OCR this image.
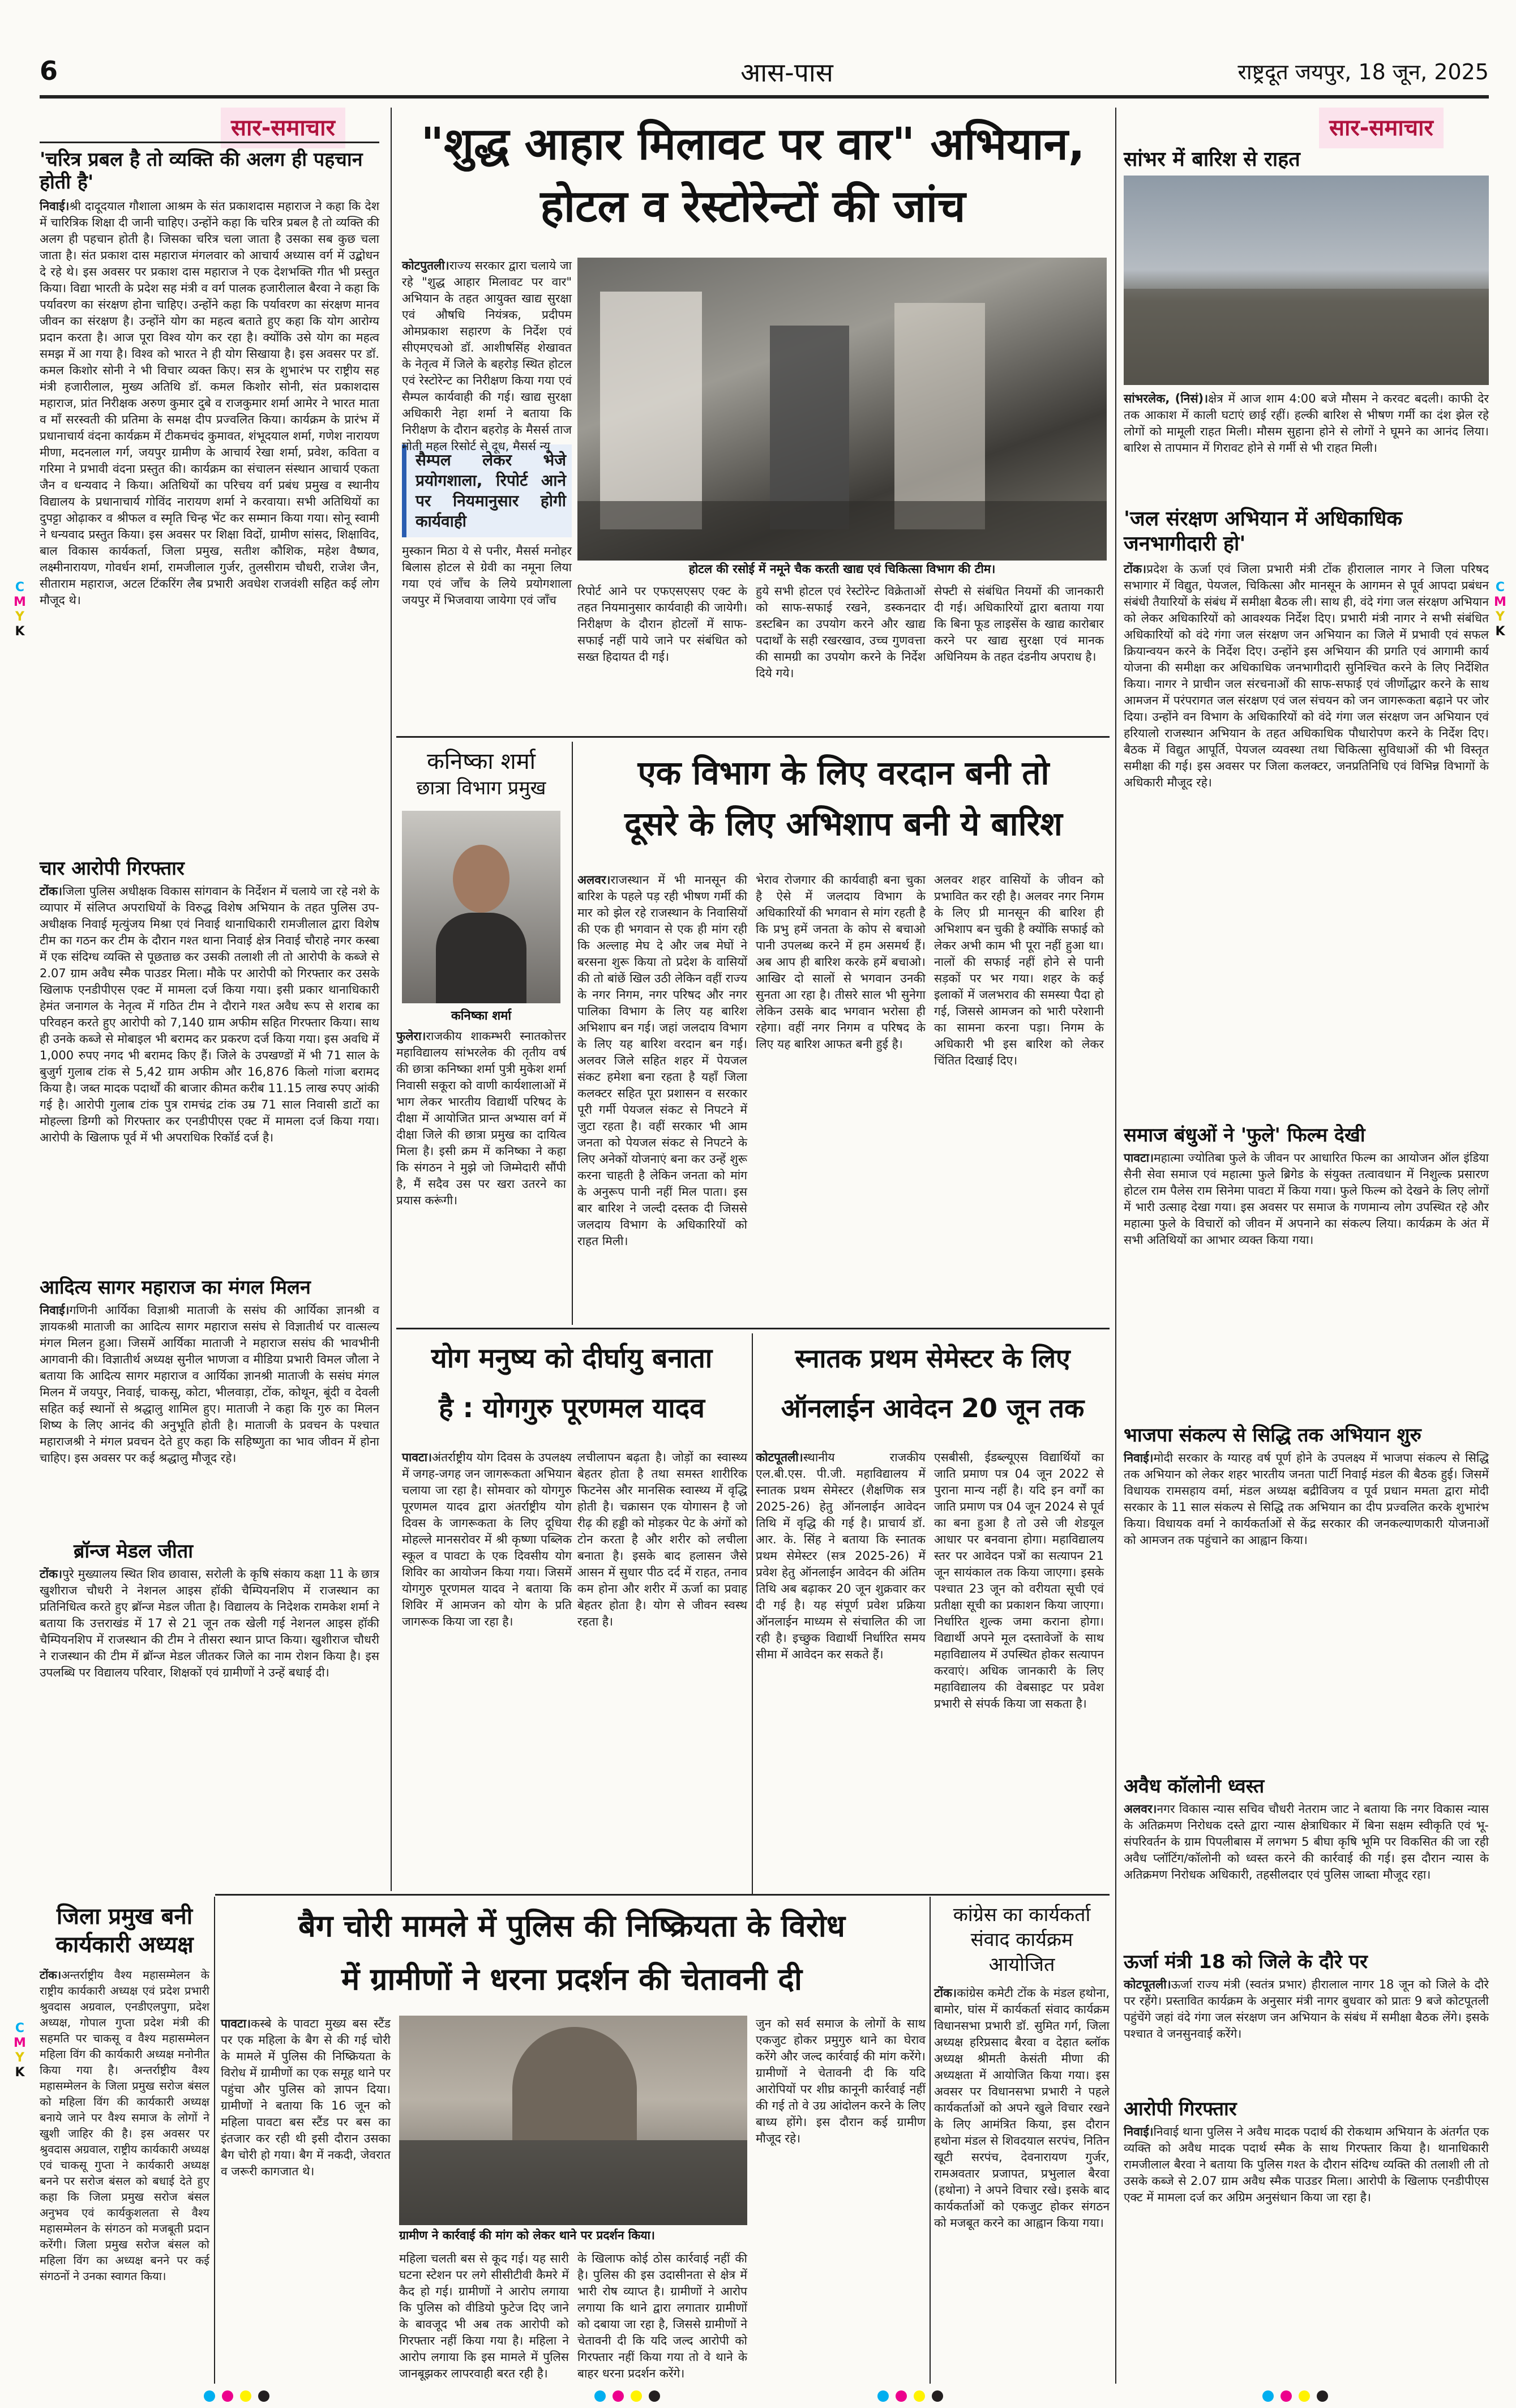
6	आस-पास	राष्ट्रदूत जयपुर, 18 जून, 2025
C
M
Y
K
C
M
Y
K
C
M
Y
K
सार-समाचार
'चरित्र प्रबल है तो व्यक्ति की अलग ही पहचान होती है'
निवाई।श्री दादूदयाल गौशाला आश्रम के संत प्रकाशदास महाराज ने कहा कि देश में चारित्रिक शिक्षा दी जानी चाहिए। उन्होंने कहा कि चरित्र प्रबल है तो व्यक्ति की अलग ही पहचान होती है। जिसका चरित्र चला जाता है उसका सब कुछ चला जाता है। संत प्रकाश दास महाराज मंगलवार को आचार्य अध्यास वर्ग में उद्बोधन दे रहे थे। इस अवसर पर प्रकाश दास महाराज ने एक देशभक्ति गीत भी प्रस्तुत किया। विद्या भारती के प्रदेश सह मंत्री व वर्ग पालक हजारीलाल बैरवा ने कहा कि पर्यावरण का संरक्षण होना चाहिए। उन्होंने कहा कि पर्यावरण का संरक्षण मानव जीवन का संरक्षण है। उन्होंने योग का महत्व बताते हुए कहा कि योग आरोग्य प्रदान करता है। आज पूरा विश्व योग कर रहा है। क्योंकि उसे योग का महत्व समझ में आ गया है। विश्व को भारत ने ही योग सिखाया है। इस अवसर पर डॉ. कमल किशोर सोनी ने भी विचार व्यक्त किए। सत्र के शुभारंभ पर राष्ट्रीय सह मंत्री हजारीलाल, मुख्य अतिथि डॉ. कमल किशोर सोनी, संत प्रकाशदास महाराज, प्रांत निरीक्षक अरुण कुमार दुबे व राजकुमार शर्मा आमेर ने भारत माता व माँ सरस्वती की प्रतिमा के समक्ष दीप प्रज्वलित किया। कार्यक्रम के प्रारंभ में प्रधानाचार्य वंदना कार्यक्रम में टीकमचंद कुमावत, शंभूदयाल शर्मा, गणेश नारायण मीणा, मदनलाल गर्ग, जयपुर ग्रामीण के आचार्य रेखा शर्मा, प्रवेश, कविता व गरिमा ने प्रभावी वंदना प्रस्तुत की। कार्यक्रम का संचालन संस्थान आचार्य एकता जैन व धन्यवाद ने किया। अतिथियों का परिचय वर्ग प्रबंध प्रमुख व स्थानीय विद्यालय के प्रधानाचार्य गोविंद नारायण शर्मा ने करवाया। सभी अतिथियों का दुपट्टा ओढ़ाकर व श्रीफल व स्मृति चिन्ह भेंट कर सम्मान किया गया। सोनू स्वामी ने धन्यवाद प्रस्तुत किया। इस अवसर पर शिक्षा विदों, ग्रामीण सांसद, शिक्षाविद, बाल विकास कार्यकर्ता, जिला प्रमुख, सतीश कौशिक, महेश वैष्णव, लक्ष्मीनारायण, गोवर्धन शर्मा, रामजीलाल गुर्जर, तुलसीराम चौधरी, राजेश जैन, सीताराम महाराज, अटल टिंकरिंग लैब प्रभारी अवधेश राजवंशी सहित कई लोग मौजूद थे।
चार आरोपी गिरफ्तार
टोंक।जिला पुलिस अधीक्षक विकास सांगवान के निर्देशन में चलाये जा रहे नशे के व्यापार में संलिप्त अपराधियों के विरुद्ध विशेष अभियान के तहत पुलिस उप-अधीक्षक निवाई मृत्युंजय मिश्रा एवं निवाई थानाधिकारी रामजीलाल द्वारा विशेष टीम का गठन कर टीम के दौरान गश्त थाना निवाई क्षेत्र निवाई चौराहे नगर कस्बा में एक संदिग्ध व्यक्ति से पूछताछ कर उसकी तलाशी ली तो आरोपी के कब्जे से 2.07 ग्राम अवैध स्मैक पाउडर मिला। मौके पर आरोपी को गिरफ्तार कर उसके खिलाफ एनडीपीएस एक्ट में मामला दर्ज किया गया। इसी प्रकार थानाधिकारी हेमंत जनागल के नेतृत्व में गठित टीम ने दौराने गश्त अवैध रूप से शराब का परिवहन करते हुए आरोपी को 7,140 ग्राम अफीम सहित गिरफ्तार किया। साथ ही उनके कब्जे से मोबाइल भी बरामद कर प्रकरण दर्ज किया गया। इस अवधि में 1,000 रुपए नगद भी बरामद किए हैं। जिले के उपखण्डों में भी 71 साल के बुजुर्ग गुलाब टांक से 5,42 ग्राम अफीम और 16,876 किलो गांजा बरामद किया है। जब्त मादक पदार्थों की बाजार कीमत करीब 11.15 लाख रुपए आंकी गई है। आरोपी गुलाब टांक पुत्र रामचंद्र टांक उम्र 71 साल निवासी डाटों का मोहल्ला डिग्गी को गिरफ्तार कर एनडीपीएस एक्ट में मामला दर्ज किया गया। आरोपी के खिलाफ पूर्व में भी अपराधिक रिकॉर्ड दर्ज है।
आदित्य सागर महाराज का मंगल मिलन
निवाई।गणिनी आर्यिका विज्ञाश्री माताजी के ससंघ की आर्यिका ज्ञानश्री व ज्ञायकश्री माताजी का आदित्य सागर महाराज ससंघ से विज्ञातीर्थ पर वात्सल्य मंगल मिलन हुआ। जिसमें आर्यिका माताजी ने महाराज ससंघ की भावभीनी आगवानी की। विज्ञातीर्थ अध्यक्ष सुनील भाणजा व मीडिया प्रभारी विमल जौला ने बताया कि आदित्य सागर महाराज व आर्यिका ज्ञानश्री माताजी के ससंघ मंगल मिलन में जयपुर, निवाई, चाकसू, कोटा, भीलवाड़ा, टोंक, कोथून, बूंदी व देवली सहित कई स्थानों से श्रद्धालु शामिल हुए। माताजी ने कहा कि गुरु का मिलन शिष्य के लिए आनंद की अनुभूति होती है। माताजी के प्रवचन के पश्चात महाराजश्री ने मंगल प्रवचन देते हुए कहा कि सहिष्णुता का भाव जीवन में होना चाहिए। इस अवसर पर कई श्रद्धालु मौजूद रहे।
ब्रॉन्ज मेडल जीता
टोंक।पुरे मुख्यालय स्थित शिव छावास, सरोली के कृषि संकाय कक्षा 11 के छात्र खुशीराज चौधरी ने नेशनल आइस हॉकी चैम्पियनशिप में राजस्थान का प्रतिनिधित्व करते हुए ब्रॉन्ज मेडल जीता है। विद्यालय के निदेशक रामकेश शर्मा ने बताया कि उत्तराखंड में 17 से 21 जून तक खेली गई नेशनल आइस हॉकी चैम्पियनशिप में राजस्थान की टीम ने तीसरा स्थान प्राप्त किया। खुशीराज चौधरी ने राजस्थान की टीम में ब्रॉन्ज मेडल जीतकर जिले का नाम रोशन किया है। इस उपलब्धि पर विद्यालय परिवार, शिक्षकों एवं ग्रामीणों ने उन्हें बधाई दी।
जिला प्रमुख बनी कार्यकारी अध्यक्ष
टोंक।अन्तर्राष्ट्रीय वैश्य महासम्मेलन के राष्ट्रीय कार्यकारी अध्यक्ष एवं प्रदेश प्रभारी श्रुवदास अग्रवाल, एनडीएलपुगा, प्रदेश अध्यक्ष, गोपाल गुप्ता प्रदेश मंत्री की सहमति पर चाकसू व वैश्य महासम्मेलन महिला विंग की कार्यकारी अध्यक्ष मनोनीत किया गया है। अन्तर्राष्ट्रीय वैश्य महासम्मेलन के जिला प्रमुख सरोज बंसल को महिला विंग की कार्यकारी अध्यक्ष बनाये जाने पर वैश्य समाज के लोगों ने खुशी जाहिर की है। इस अवसर पर श्रुवदास अग्रवाल, राष्ट्रीय कार्यकारी अध्यक्ष एवं चाकसू गुप्ता ने कार्यकारी अध्यक्ष बनने पर सरोज बंसल को बधाई देते हुए कहा कि जिला प्रमुख सरोज बंसल अनुभव एवं कार्यकुशलता से वैश्य महासम्मेलन के संगठन को मजबूती प्रदान करेंगी। जिला प्रमुख सरोज बंसल को महिला विंग का अध्यक्ष बनने पर कई संगठनों ने उनका स्वागत किया।
"शुद्ध आहार मिलावट पर वार" अभियान,
होटल व रेस्टोरेन्टों की जांच
कोटपुतली।राज्य सरकार द्वारा चलाये जा रहे "शुद्ध आहार मिलावट पर वार" अभियान के तहत आयुक्त खाद्य सुरक्षा एवं औषधि नियंत्रक, प्रदीपम ओमप्रकाश सहारण के निर्देश एवं सीएमएचओ डॉ. आशीषसिंह शेखावत के नेतृत्व में जिले के बहरोड़ स्थित होटल एवं रेस्टोरेन्ट का निरीक्षण किया गया एवं सैम्पल कार्यवाही की गई। खाद्य सुरक्षा अधिकारी नेहा शर्मा ने बताया कि निरीक्षण के दौरान बहरोड़ के मैसर्स ताज मोती महल रिसोर्ट से दूध, मैसर्स न्यू
सैम्पल लेकर भेजे प्रयोगशाला, रिपोर्ट आने पर नियमानुसार होगी कार्यवाही
मुस्कान मिठा ये से पनीर, मैसर्स मनोहर बिलास होटल से ग्रेवी का नमूना लिया गया एवं जाँच के लिये प्रयोगशाला जयपुर में भिजवाया जायेगा एवं जाँच
होटल की रसोई में नमूने चैक करती खाद्य एवं चिकित्सा विभाग की टीम।
रिपोर्ट आने पर एफएसएसए एक्ट के तहत नियमानुसार कार्यवाही की जायेगी। निरीक्षण के दौरान होटलों में साफ-सफाई नहीं पाये जाने पर संबंधित को सख्त हिदायत दी गई।
हुये सभी होटल एवं रेस्टोरेन्ट विक्रेताओं को साफ-सफाई रखने, डस्कनदार डस्टबिन का उपयोग करने और खाद्य पदार्थों के सही रखरखाव, उच्च गुणवत्ता की सामग्री का उपयोग करने के निर्देश दिये गये।
सेफ्टी से संबंधित नियमों की जानकारी दी गई। अधिकारियों द्वारा बताया गया कि बिना फूड लाइसेंस के खाद्य कारोबार करने पर खाद्य सुरक्षा एवं मानक अधिनियम के तहत दंडनीय अपराध है।
कनिष्का शर्मा
छात्रा विभाग प्रमुख
कनिष्का शर्मा
फुलेरा।राजकीय शाकम्भरी स्नातकोत्तर महाविद्यालय सांभरलेक की तृतीय वर्ष की छात्रा कनिष्का शर्मा पुत्री मुकेश शर्मा निवासी सकूरा को वाणी कार्यशालाओं में भाग लेकर भारतीय विद्यार्थी परिषद के दीक्षा में आयोजित प्रान्त अभ्यास वर्ग में दीक्षा जिले की छात्रा प्रमुख का दायित्व मिला है। इसी क्रम में कनिष्का ने कहा कि संगठन ने मुझे जो जिम्मेदारी सौंपी है, मैं सदैव उस पर खरा उतरने का प्रयास करूंगी।
एक विभाग के लिए वरदान बनी तो
दूसरे के लिए अभिशाप बनी ये बारिश
अलवर।राजस्थान में भी मानसून की बारिश के पहले पड़ रही भीषण गर्मी की मार को झेल रहे राजस्थान के निवासियों की एक ही भगवान से एक ही मांग रही कि अल्लाह मेघ दे और जब मेघों ने बरसना शुरू किया तो प्रदेश के वासियों की तो बांछें खिल उठी लेकिन वहीं राज्य के नगर निगम, नगर परिषद और नगर पालिका विभाग के लिए यह बारिश अभिशाप बन गई। जहां जलदाय विभाग के लिए यह बारिश वरदान बन गई। अलवर जिले सहित शहर में पेयजल संकट हमेशा बना रहता है यहाँ जिला कलक्टर सहित पूरा प्रशासन व सरकार पूरी गर्मी पेयजल संकट से निपटने में जुटा रहता है। वहीं सरकार भी आम जनता को पेयजल संकट से निपटने के लिए अनेकों योजनाएं बना कर उन्हें शुरू करना चाहती है लेकिन जनता को मांग के अनुरूप पानी नहीं मिल पाता। इस बार बारिश ने जल्दी दस्तक दी जिससे जलदाय विभाग के अधिकारियों को राहत मिली।
भेराव रोजगार की कार्यवाही बना चुका है ऐसे में जलदाय विभाग के अधिकारियों की भगवान से मांग रहती है कि प्रभु हमें जनता के कोप से बचाओ पानी उपलब्ध करने में हम असमर्थ हैं। अब आप ही बारिश करके हमें बचाओ। आखिर दो सालों से भगवान उनकी सुनता आ रहा है। तीसरे साल भी सुनेगा लेकिन उसके बाद भगवान भरोसा ही रहेगा। वहीं नगर निगम व परिषद के लिए यह बारिश आफत बनी हुई है।
अलवर शहर वासियों के जीवन को प्रभावित कर रही है। अलवर नगर निगम के लिए प्री मानसून की बारिश ही अभिशाप बन चुकी है क्योंकि सफाई को लेकर अभी काम भी पूरा नहीं हुआ था। नालों की सफाई नहीं होने से पानी सड़कों पर भर गया। शहर के कई इलाकों में जलभराव की समस्या पैदा हो गई, जिससे आमजन को भारी परेशानी का सामना करना पड़ा। निगम के अधिकारी भी इस बारिश को लेकर चिंतित दिखाई दिए।
योग मनुष्य को दीर्घायु बनाता
है : योगगुरु पूरणमल यादव
पावटा।अंतर्राष्ट्रीय योग दिवस के उपलक्ष्य में जगह-जगह जन जागरूकता अभियान चलाया जा रहा है। सोमवार को योगगुरु पूरणमल यादव द्वारा अंतर्राष्ट्रीय योग दिवस के जागरूकता के लिए दूधिया मोहल्ले मानसरोवर में श्री कृष्णा पब्लिक स्कूल व पावटा के एक दिवसीय योग शिविर का आयोजन किया गया। जिसमें योगगुरु पूरणमल यादव ने बताया कि शिविर में आमजन को योग के प्रति जागरूक किया जा रहा है।
लचीलापन बढ़ता है। जोड़ों का स्वास्थ्य बेहतर होता है तथा समस्त शारीरिक फिटनेस और मानसिक स्वास्थ्य में वृद्धि होती है। चक्रासन एक योगासन है जो रीढ़ की हड्डी को मोड़कर पेट के अंगों को टोन करता है और शरीर को लचीला बनाता है। इसके बाद हलासन जैसे आसन में सुधार पीठ दर्द में राहत, तनाव कम होना और शरीर में ऊर्जा का प्रवाह बेहतर होता है। योग से जीवन स्वस्थ रहता है।
स्नातक प्रथम सेमेस्टर के लिए
ऑनलाईन आवेदन 20 जून तक
कोटपूतली।स्थानीय राजकीय एल.बी.एस. पी.जी. महाविद्यालय में स्नातक प्रथम सेमेस्टर (शैक्षणिक सत्र 2025-26) हेतु ऑनलाईन आवेदन तिथि में वृद्धि की गई है। प्राचार्य डॉ. आर. के. सिंह ने बताया कि स्नातक प्रथम सेमेस्टर (सत्र 2025-26) में प्रवेश हेतु ऑनलाईन आवेदन की अंतिम तिथि अब बढ़ाकर 20 जून शुक्रवार कर दी गई है। यह संपूर्ण प्रवेश प्रक्रिया ऑनलाईन माध्यम से संचालित की जा रही है। इच्छुक विद्यार्थी निर्धारित समय सीमा में आवेदन कर सकते हैं।
एसबीसी, ईडब्ल्यूएस विद्यार्थियों का जाति प्रमाण पत्र 04 जून 2022 से पुराना मान्य नहीं है। यदि इन वर्गों का जाति प्रमाण पत्र 04 जून 2024 से पूर्व का बना हुआ है तो उसे जी शेडयूल आधार पर बनवाना होगा। महाविद्यालय स्तर पर आवेदन पत्रों का सत्यापन 21 जून सायंकाल तक किया जाएगा। इसके पश्चात 23 जून को वरीयता सूची एवं प्रतीक्षा सूची का प्रकाशन किया जाएगा। निर्धारित शुल्क जमा कराना होगा। विद्यार्थी अपने मूल दस्तावेजों के साथ महाविद्यालय में उपस्थित होकर सत्यापन करवाएं। अधिक जानकारी के लिए महाविद्यालय की वेबसाइट पर प्रवेश प्रभारी से संपर्क किया जा सकता है।
बैग चोरी मामले में पुलिस की निष्क्रियता के विरोध
में ग्रामीणों ने धरना प्रदर्शन की चेतावनी दी
पावटा।कस्बे के पावटा मुख्य बस स्टैंड पर एक महिला के बैग से की गई चोरी के मामले में पुलिस की निष्क्रियता के विरोध में ग्रामीणों का एक समूह थाने पर पहुंचा और पुलिस को ज्ञापन दिया। ग्रामीणों ने बताया कि 16 जून को महिला पावटा बस स्टैंड पर बस का इंतजार कर रही थी इसी दौरान उसका बैग चोरी हो गया। बैग में नकदी, जेवरात व जरूरी कागजात थे।
ग्रामीण ने कार्रवाई की मांग को लेकर थाने पर प्रदर्शन किया।
महिला चलती बस से कूद गई। यह सारी घटना स्टेशन पर लगे सीसीटीवी कैमरे में कैद हो गई। ग्रामीणों ने आरोप लगाया कि पुलिस को वीडियो फुटेज दिए जाने के बावजूद भी अब तक आरोपी को गिरफ्तार नहीं किया गया है। महिला ने आरोप लगाया कि इस मामले में पुलिस जानबूझकर लापरवाही बरत रही है।
के खिलाफ कोई ठोस कार्रवाई नहीं की है। पुलिस की इस उदासीनता से क्षेत्र में भारी रोष व्याप्त है। ग्रामीणों ने आरोप लगाया कि थाने द्वारा लगातार ग्रामीणों को दबाया जा रहा है, जिससे ग्रामीणों ने चेतावनी दी कि यदि जल्द आरोपी को गिरफ्तार नहीं किया गया तो वे थाने के बाहर धरना प्रदर्शन करेंगे।
जुन को सर्व समाज के लोगों के साथ एकजुट होकर प्रमुगुरु थाने का घेराव करेंगे और जल्द कार्रवाई की मांग करेंगे। ग्रामीणों ने चेतावनी दी कि यदि आरोपियों पर शीघ्र कानूनी कार्रवाई नहीं की गई तो वे उग्र आंदोलन करने के लिए बाध्य होंगे। इस दौरान कई ग्रामीण मौजूद रहे।
कांग्रेस का कार्यकर्ता
संवाद कार्यक्रम
आयोजित
टोंक।कांग्रेस कमेटी टोंक के मंडल हथोना, बामोर, घांस में कार्यकर्ता संवाद कार्यक्रम विधानसभा प्रभारी डॉ. सुमित गर्ग, जिला अध्यक्ष हरिप्रसाद बैरवा व देहात ब्लॉक अध्यक्ष श्रीमती केसंती मीणा की अध्यक्षता में आयोजित किया गया। इस अवसर पर विधानसभा प्रभारी ने पहले कार्यकर्ताओं को अपने खुले विचार रखने के लिए आमंत्रित किया, इस दौरान हथोना मंडल से शिवदयाल सरपंच, नितिन खूटी सरपंच, देवनारायण गुर्जर, रामअवतार प्रजापत, प्रभुलाल बैरवा (हथोना) ने अपने विचार रखे। इसके बाद कार्यकर्ताओं को एकजुट होकर संगठन को मजबूत करने का आह्वान किया गया।
सार-समाचार
सांभर में बारिश से राहत
सांभरलेक, (निसं)।क्षेत्र में आज शाम 4:00 बजे मौसम ने करवट बदली। काफी देर तक आकाश में काली घटाएं छाई रहीं। हल्की बारिश से भीषण गर्मी का दंश झेल रहे लोगों को मामूली राहत मिली। मौसम सुहाना होने से लोगों ने घूमने का आनंद लिया। बारिश से तापमान में गिरावट होने से गर्मी से भी राहत मिली।
'जल संरक्षण अभियान में अधिकाधिक जनभागीदारी हो'
टोंक।प्रदेश के ऊर्जा एवं जिला प्रभारी मंत्री टोंक हीरालाल नागर ने जिला परिषद सभागार में विद्युत, पेयजल, चिकित्सा और मानसून के आगमन से पूर्व आपदा प्रबंधन संबंधी तैयारियों के संबंध में समीक्षा बैठक ली। साथ ही, वंदे गंगा जल संरक्षण अभियान को लेकर अधिकारियों को आवश्यक निर्देश दिए। प्रभारी मंत्री नागर ने सभी संबंधित अधिकारियों को वंदे गंगा जल संरक्षण जन अभियान का जिले में प्रभावी एवं सफल क्रियान्वयन करने के निर्देश दिए। उन्होंने इस अभियान की प्रगति एवं आगामी कार्य योजना की समीक्षा कर अधिकाधिक जनभागीदारी सुनिश्चित करने के लिए निर्देशित किया। नागर ने प्राचीन जल संरचनाओं की साफ-सफाई एवं जीर्णोद्धार करने के साथ आमजन में परंपरागत जल संरक्षण एवं जल संचयन को जन जागरूकता बढ़ाने पर जोर दिया। उन्होंने वन विभाग के अधिकारियों को वंदे गंगा जल संरक्षण जन अभियान एवं हरियालो राजस्थान अभियान के तहत अधिकाधिक पौधारोपण करने के निर्देश दिए। बैठक में विद्युत आपूर्ति, पेयजल व्यवस्था तथा चिकित्सा सुविधाओं की भी विस्तृत समीक्षा की गई। इस अवसर पर जिला कलक्टर, जनप्रतिनिधि एवं विभिन्न विभागों के अधिकारी मौजूद रहे।
समाज बंधुओं ने 'फुले' फिल्म देखी
पावटा।महात्मा ज्योतिबा फुले के जीवन पर आधारित फिल्म का आयोजन ऑल इंडिया सैनी सेवा समाज एवं महात्मा फुले ब्रिगेड के संयुक्त तत्वावधान में निशुल्क प्रसारण होटल राम पैलेस राम सिनेमा पावटा में किया गया। फुले फिल्म को देखने के लिए लोगों में भारी उत्साह देखा गया। इस अवसर पर समाज के गणमान्य लोग उपस्थित रहे और महात्मा फुले के विचारों को जीवन में अपनाने का संकल्प लिया। कार्यक्रम के अंत में सभी अतिथियों का आभार व्यक्त किया गया।
भाजपा संकल्प से सिद्धि तक अभियान शुरु
निवाई।मोदी सरकार के ग्यारह वर्ष पूर्ण होने के उपलक्ष्य में भाजपा संकल्प से सिद्धि तक अभियान को लेकर शहर भारतीय जनता पार्टी निवाई मंडल की बैठक हुई। जिसमें विधायक रामसहाय वर्मा, मंडल अध्यक्ष बद्रीविजय व पूर्व प्रधान ममता द्वारा मोदी सरकार के 11 साल संकल्प से सिद्धि तक अभियान का दीप प्रज्वलित करके शुभारंभ किया। विधायक वर्मा ने कार्यकर्ताओं से केंद्र सरकार की जनकल्याणकारी योजनाओं को आमजन तक पहुंचाने का आह्वान किया।
अवैध कॉलोनी ध्वस्त
अलवर।नगर विकास न्यास सचिव चौधरी नेतराम जाट ने बताया कि नगर विकास न्यास के अतिक्रमण निरोधक दस्ते द्वारा न्यास क्षेत्राधिकार में बिना सक्षम स्वीकृति एवं भू-संपरिवर्तन के ग्राम पिपलीबास में लगभग 5 बीघा कृषि भूमि पर विकसित की जा रही अवैध प्लॉटिंग/कॉलोनी को ध्वस्त करने की कार्रवाई की गई। इस दौरान न्यास के अतिक्रमण निरोधक अधिकारी, तहसीलदार एवं पुलिस जाब्ता मौजूद रहा।
ऊर्जा मंत्री 18 को जिले के दौरे पर
कोटपूतली।ऊर्जा राज्य मंत्री (स्वतंत्र प्रभार) हीरालाल नागर 18 जून को जिले के दौरे पर रहेंगे। प्रस्तावित कार्यक्रम के अनुसार मंत्री नागर बुधवार को प्रातः 9 बजे कोटपूतली पहुंचेंगे जहां वंदे गंगा जल संरक्षण जन अभियान के संबंध में समीक्षा बैठक लेंगे। इसके पश्चात वे जनसुनवाई करेंगे।
आरोपी गिरफ्तार
निवाई।निवाई थाना पुलिस ने अवैध मादक पदार्थ की रोकथाम अभियान के अंतर्गत एक व्यक्ति को अवैध मादक पदार्थ स्मैक के साथ गिरफ्तार किया है। थानाधिकारी रामजीलाल बैरवा ने बताया कि पुलिस गश्त के दौरान संदिग्ध व्यक्ति की तलाशी ली तो उसके कब्जे से 2.07 ग्राम अवैध स्मैक पाउडर मिला। आरोपी के खिलाफ एनडीपीएस एक्ट में मामला दर्ज कर अग्रिम अनुसंधान किया जा रहा है।
